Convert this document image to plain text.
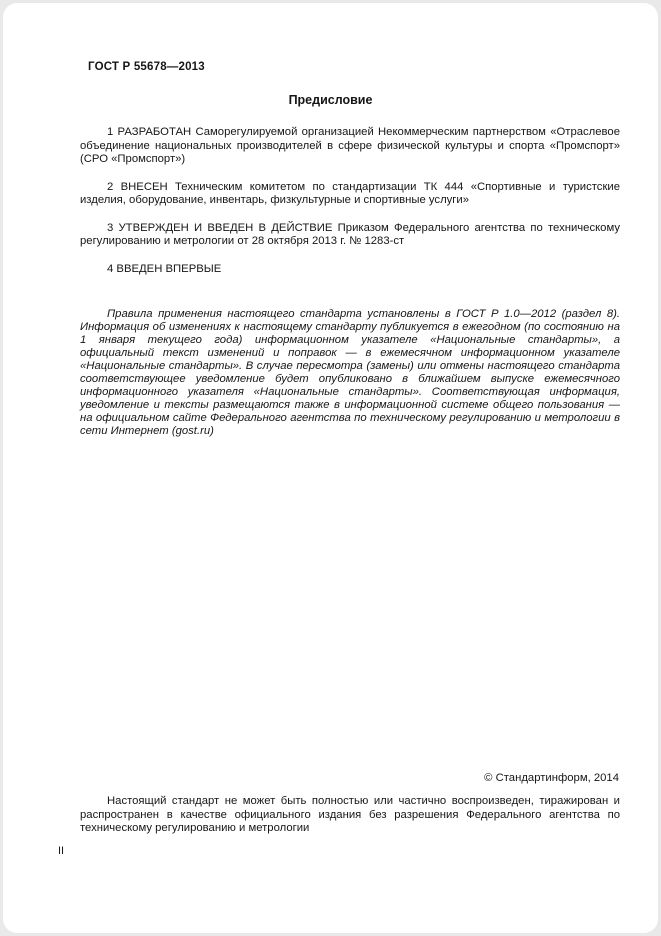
ГОСТ Р 55678—2013
Предисловие

1 РАЗРАБОТАН Саморегулируемой организацией Некоммерческим партнерством «Отраслевое объединение национальных производителей в сфере физической культуры и спорта «Промспорт» (СРО «Промспорт»)

2 ВНЕСЕН Техническим комитетом по стандартизации ТК 444 «Спортивные и туристские изделия, оборудование, инвентарь, физкультурные и спортивные услуги»

3 УТВЕРЖДЕН И ВВЕДЕН В ДЕЙСТВИЕ Приказом Федерального агентства по техническому регулированию и метрологии от 28 октября 2013 г. № 1283-ст

4 ВВЕДЕН ВПЕРВЫЕ

Правила применения настоящего стандарта установлены в ГОСТ Р 1.0—2012 (раздел 8). Информация об изменениях к настоящему стандарту публикуется в ежегодном (по состоянию на 1 января текущего года) информационном указателе «Национальные стандарты», а официальный текст изменений и поправок — в ежемесячном информационном указателе «Национальные стандарты». В случае пересмотра (замены) или отмены настоящего стандарта соответствующее уведомление будет опубликовано в ближайшем выпуске ежемесячного информационного указателя «Национальные стандарты». Соответствующая информация, уведомление и тексты размещаются также в информационной системе общего пользования — на официальном сайте Федерального агентства по техническому регулированию и метрологии в сети Интернет (gost.ru)

© Стандартинформ, 2014

Настоящий стандарт не может быть полностью или частично воспроизведен, тиражирован и распространен в качестве официального издания без разрешения Федерального агентства по техническому регулированию и метрологии

II
